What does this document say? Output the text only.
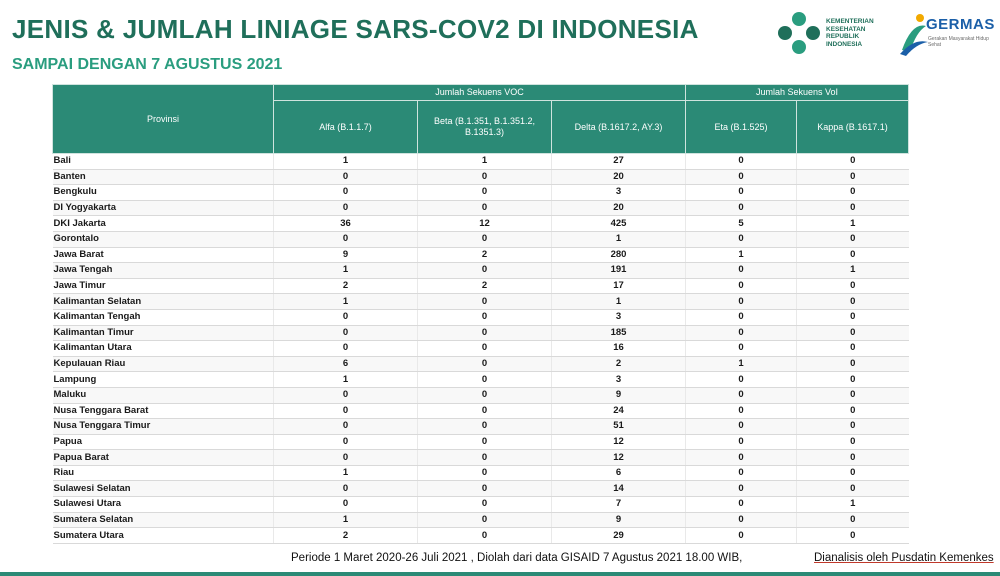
JENIS & JUMLAH LINIAGE SARS-COV2 DI INDONESIA
SAMPAI DENGAN 7 AGUSTUS 2021
KEMENTERIAN KESEHATAN REPUBLIK INDONESIA
GERMAS
Gerakan Masyarakat Hidup Sehat
Provinsi	Jumlah Sekuens VOC			Jumlah Sekuens VoI	
	Alfa (B.1.1.7)	Beta (B.1.351, B.1.351.2, B.1351.3)	Delta (B.1617.2, AY.3)	Eta (B.1.525)	Kappa (B.1617.1)
Bali	1	1	27	0	0
Banten	0	0	20	0	0
Bengkulu	0	0	3	0	0
DI Yogyakarta	0	0	20	0	0
DKI Jakarta	36	12	425	5	1
Gorontalo	0	0	1	0	0
Jawa Barat	9	2	280	1	0
Jawa Tengah	1	0	191	0	1
Jawa Timur	2	2	17	0	0
Kalimantan Selatan	1	0	1	0	0
Kalimantan Tengah	0	0	3	0	0
Kalimantan Timur	0	0	185	0	0
Kalimantan Utara	0	0	16	0	0
Kepulauan Riau	6	0	2	1	0
Lampung	1	0	3	0	0
Maluku	0	0	9	0	0
Nusa Tenggara Barat	0	0	24	0	0
Nusa Tenggara Timur	0	0	51	0	0
Papua	0	0	12	0	0
Papua Barat	0	0	12	0	0
Riau	1	0	6	0	0
Sulawesi Selatan	0	0	14	0	0
Sulawesi Utara	0	0	7	0	1
Sumatera Selatan	1	0	9	0	0
Sumatera Utara	2	0	29	0	0
Periode 1 Maret 2020-26 Juli 2021 , Diolah dari data GISAID 7 Agustus 2021 18.00 WIB,	Dianalisis oleh Pusdatin Kemenkes
